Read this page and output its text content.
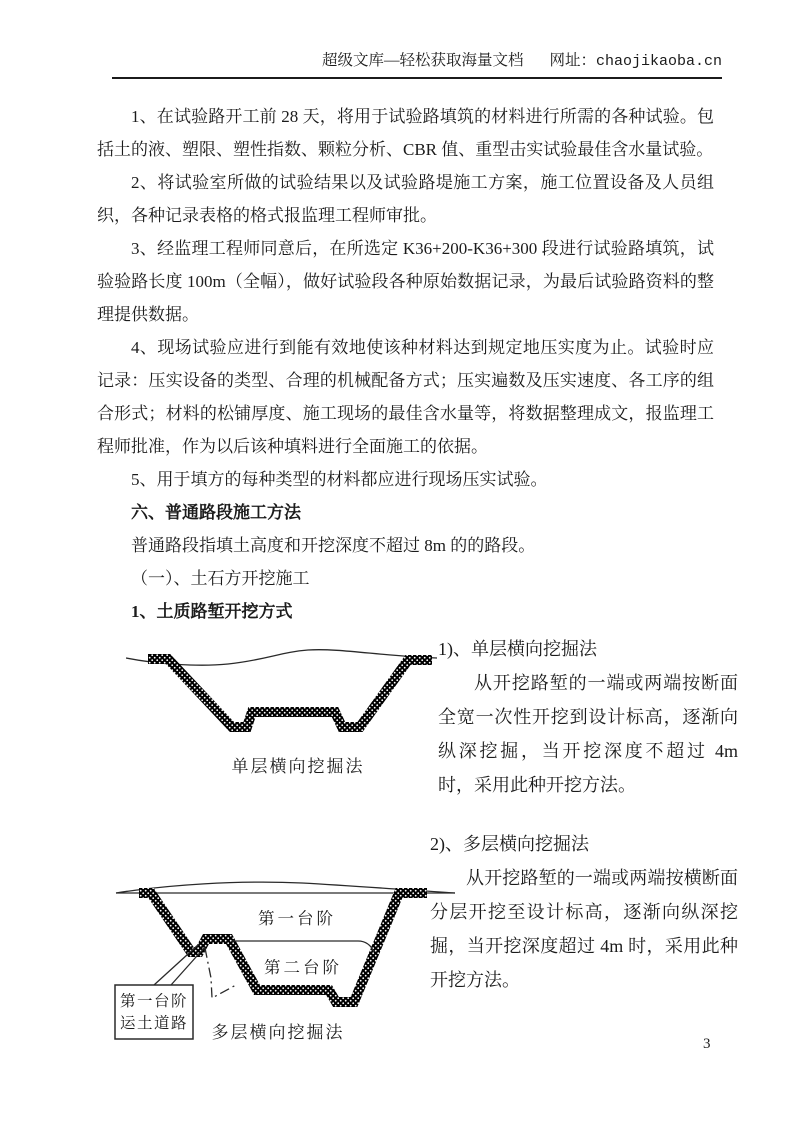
超级文库—轻松获取海量文档 网址：chaojikaoba.cn

1、在试验路开工前 28 天，将用于试验路填筑的材料进行所需的各种试验。包括土的液、塑限、塑性指数、颗粒分析、CBR 值、重型击实试验最佳含水量试验。

2、将试验室所做的试验结果以及试验路堤施工方案，施工位置设备及人员组织，各种记录表格的格式报监理工程师审批。

3、经监理工程师同意后，在所选定 K36+200-K36+300 段进行试验路填筑，试验验路长度 100m（全幅），做好试验段各种原始数据记录，为最后试验路资料的整理提供数据。

4、现场试验应进行到能有效地使该种材料达到规定地压实度为止。试验时应记录：压实设备的类型、合理的机械配备方式；压实遍数及压实速度、各工序的组合形式；材料的松铺厚度、施工现场的最佳含水量等，将数据整理成文，报监理工程师批准，作为以后该种填料进行全面施工的依据。

5、用于填方的每种类型的材料都应进行现场压实试验。

六、普通路段施工方法

普通路段指填土高度和开挖深度不超过 8m 的的路段。

（一）、土石方开挖施工

1、土质路堑开挖方式

1)、单层横向挖掘法

从开挖路堑的一端或两端按断面全宽一次性开挖到设计标高，逐渐向纵深挖掘，当开挖深度不超过 4m 时，采用此种开挖方法。

单层横向挖掘法

2)、多层横向挖掘法

从开挖路堑的一端或两端按横断面分层开挖至设计标高，逐渐向纵深挖掘，当开挖深度超过 4m 时，采用此种开挖方法。

第一台阶
运土道路
第一台阶
第二台阶
多层横向挖掘法
3
